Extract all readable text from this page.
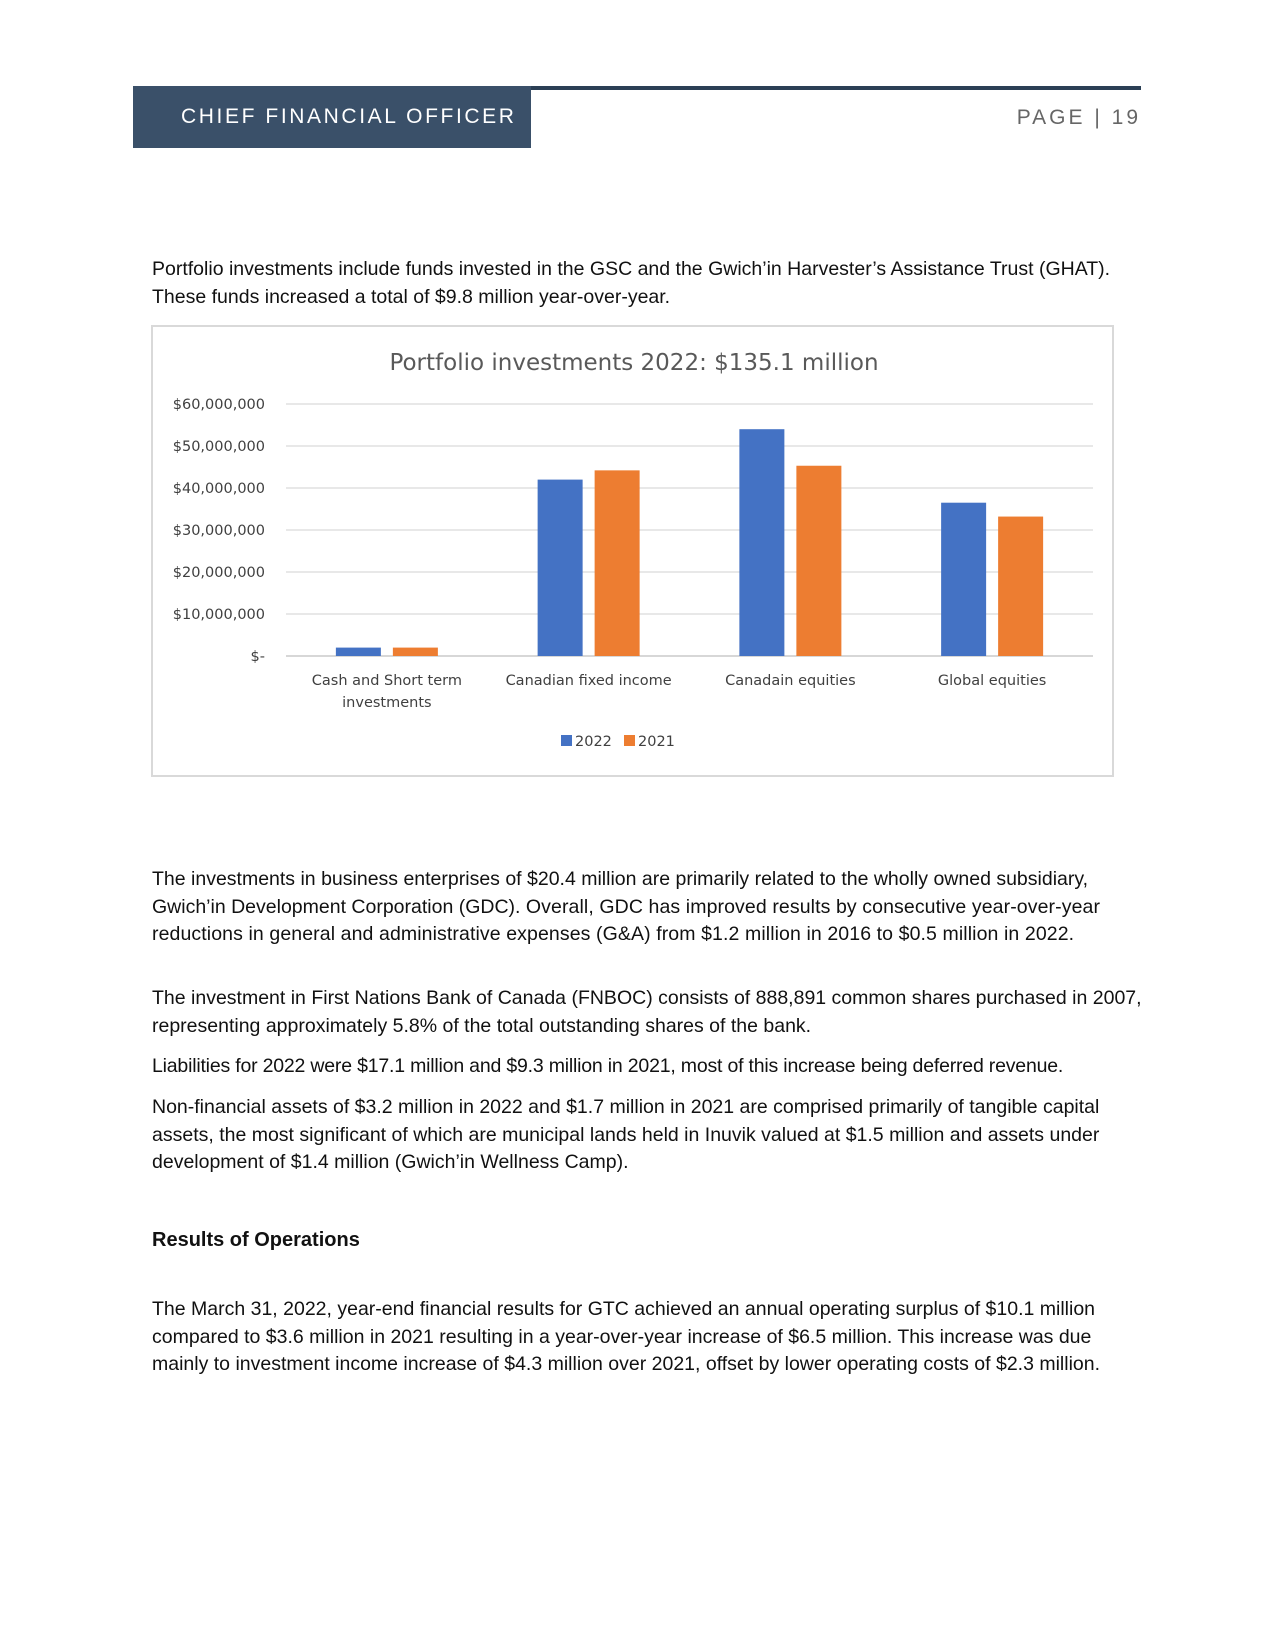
CHIEF FINANCIAL OFFICER	PAGE | 19

Portfolio investments include funds invested in the GSC and the Gwich’in Harvester’s Assistance Trust (GHAT). These funds increased a total of $9.8 million year-over-year.

Portfolio investments 2022: $135.1 million
$-
$10,000,000
$20,000,000
$30,000,000
$40,000,000
$50,000,000
$60,000,000
Cash and Short term
investments
Canadian fixed income	Canadain equities	Global equities
2022 2021

The investments in business enterprises of $20.4 million are primarily related to the wholly owned subsidiary, Gwich’in Development Corporation (GDC). Overall, GDC has improved results by consecutive year-over-year reductions in general and administrative expenses (G&A) from $1.2 million in 2016 to $0.5 million in 2022.

The investment in First Nations Bank of Canada (FNBOC) consists of 888,891 common shares purchased in 2007, representing approximately 5.8% of the total outstanding shares of the bank.

Liabilities for 2022 were $17.1 million and $9.3 million in 2021, most of this increase being deferred revenue.

Non-financial assets of $3.2 million in 2022 and $1.7 million in 2021 are comprised primarily of tangible capital assets, the most significant of which are municipal lands held in Inuvik valued at $1.5 million and assets under development of $1.4 million (Gwich’in Wellness Camp).

Results of Operations

The March 31, 2022, year-end financial results for GTC achieved an annual operating surplus of $10.1 million compared to $3.6 million in 2021 resulting in a year-over-year increase of $6.5 million. This increase was due mainly to investment income increase of $4.3 million over 2021, offset by lower operating costs of $2.3 million.
